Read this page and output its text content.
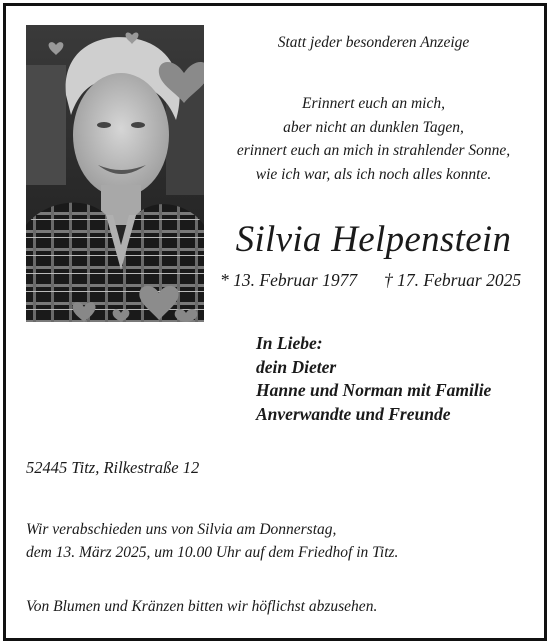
Statt jeder besonderen Anzeige
Erinnert euch an mich,
aber nicht an dunklen Tagen,
erinnert euch an mich in strahlender Sonne,
wie ich war, als ich noch alles konnte.
Silvia Helpenstein
* 13. Februar 1977 † 17. Februar 2025
In Liebe:
dein Dieter
Hanne und Norman mit Familie
Anverwandte und Freunde
52445 Titz, Rilkestraße 12
Wir verabschieden uns von Silvia am Donnerstag,
dem 13. März 2025, um 10.00 Uhr auf dem Friedhof in Titz.
Von Blumen und Kränzen bitten wir höflichst abzusehen.
